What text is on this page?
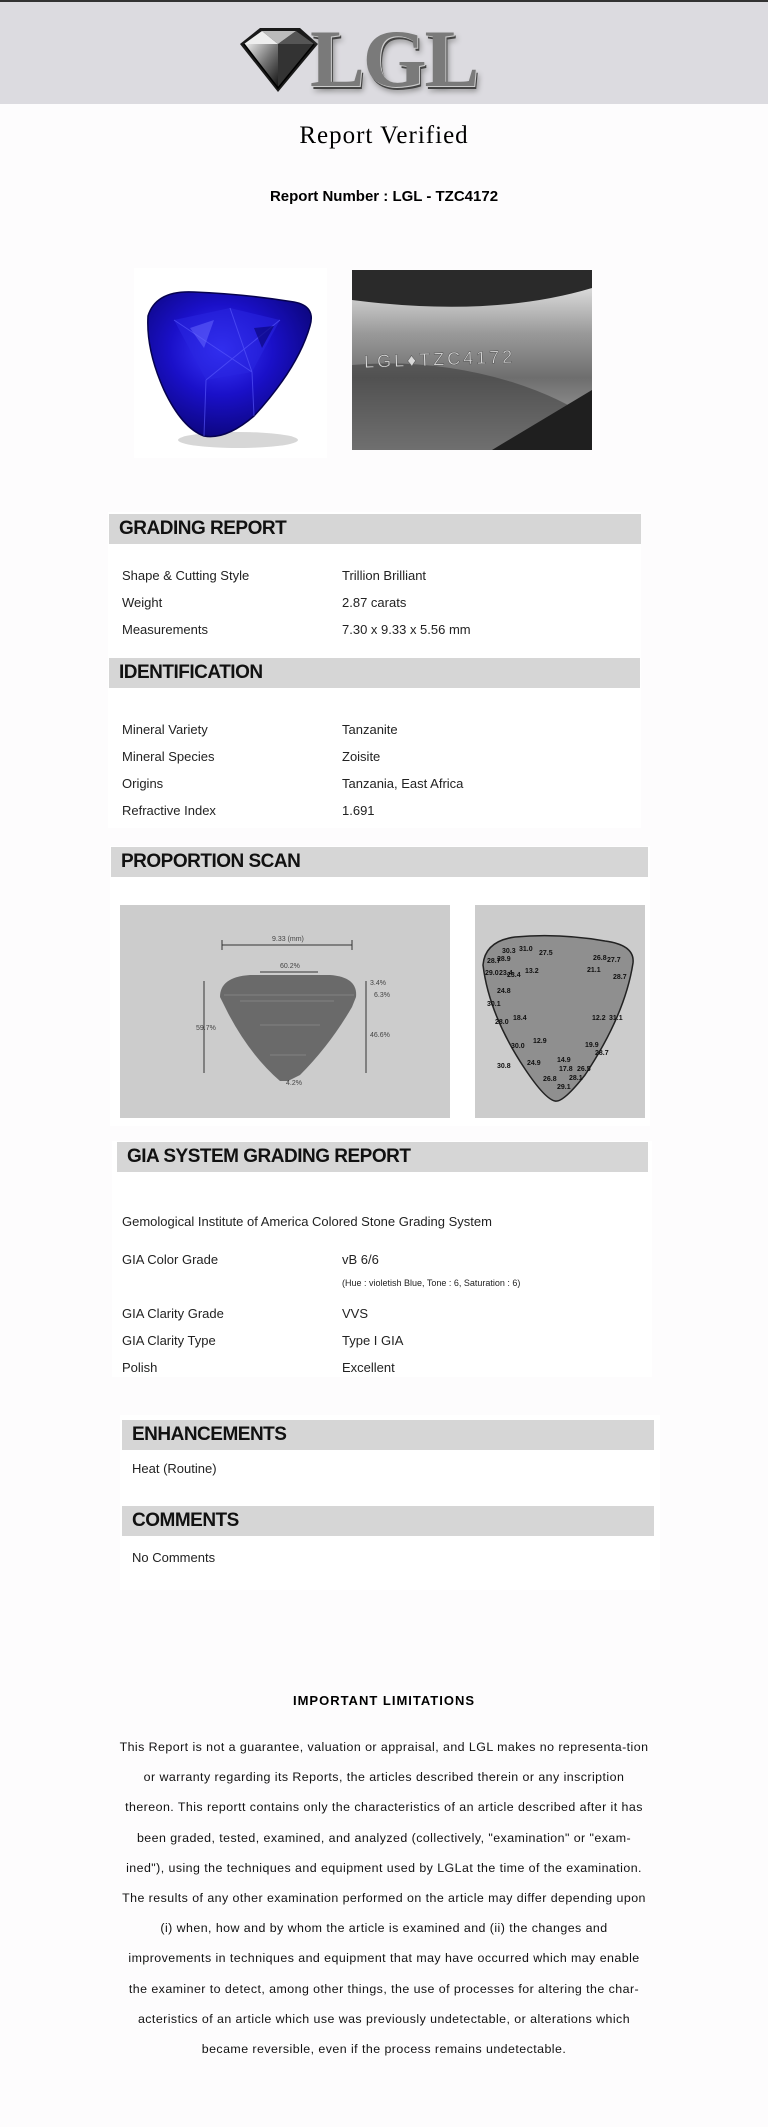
LGL
Report Verified
Report Number : LGL - TZC4172
LGL♦TZC4172
GRADING REPORT
Shape & Cutting Style	Trillion Brilliant
Weight	2.87 carats
Measurements	7.30 x 9.33 x 5.56 mm
IDENTIFICATION
Mineral Variety	Tanzanite
Mineral Species	Zoisite
Origins	Tanzania, East Africa
Refractive Index	1.691
PROPORTION SCAN
9.33 (mm)
60.2%
59.7%
3.4%
6.3%
46.6%
4.2%
30.3 31.0
27.5
28.7
28.9
29.0 23.4 13.2
26.8 27.7
21.1
28.7
24.8
23.4
30.1
28.0
18.4	12.2 31.1
12.9
19.9
30.0
28.7
30.8 24.9 14.9
17.8 26.5
28.1
26.8
29.1
GIA SYSTEM GRADING REPORT
Gemological Institute of America Colored Stone Grading System
GIA Color Grade	vB 6/6
(Hue : violetish Blue, Tone : 6, Saturation : 6)
GIA Clarity Grade	VVS
GIA Clarity Type	Type I GIA
Polish	Excellent
ENHANCEMENTS
Heat (Routine)
COMMENTS
No Comments
IMPORTANT LIMITATIONS
This Report is not a guarantee, valuation or appraisal, and LGL makes no representa-tion or warranty regarding its Reports, the articles described therein or any inscription thereon. This reportt contains only the characteristics of an article described after it has been graded, tested, examined, and analyzed (collectively, "examination" or "exam-ined"), using the techniques and equipment used by LGLat the time of the examination. The results of any other examination performed on the article may differ depending upon (i) when, how and by whom the article is examined and (ii) the changes and improvements in techniques and equipment that may have occurred which may enable the examiner to detect, among other things, the use of processes for altering the char-acteristics of an article which use was previously undetectable, or alterations which became reversible, even if the process remains undetectable.
